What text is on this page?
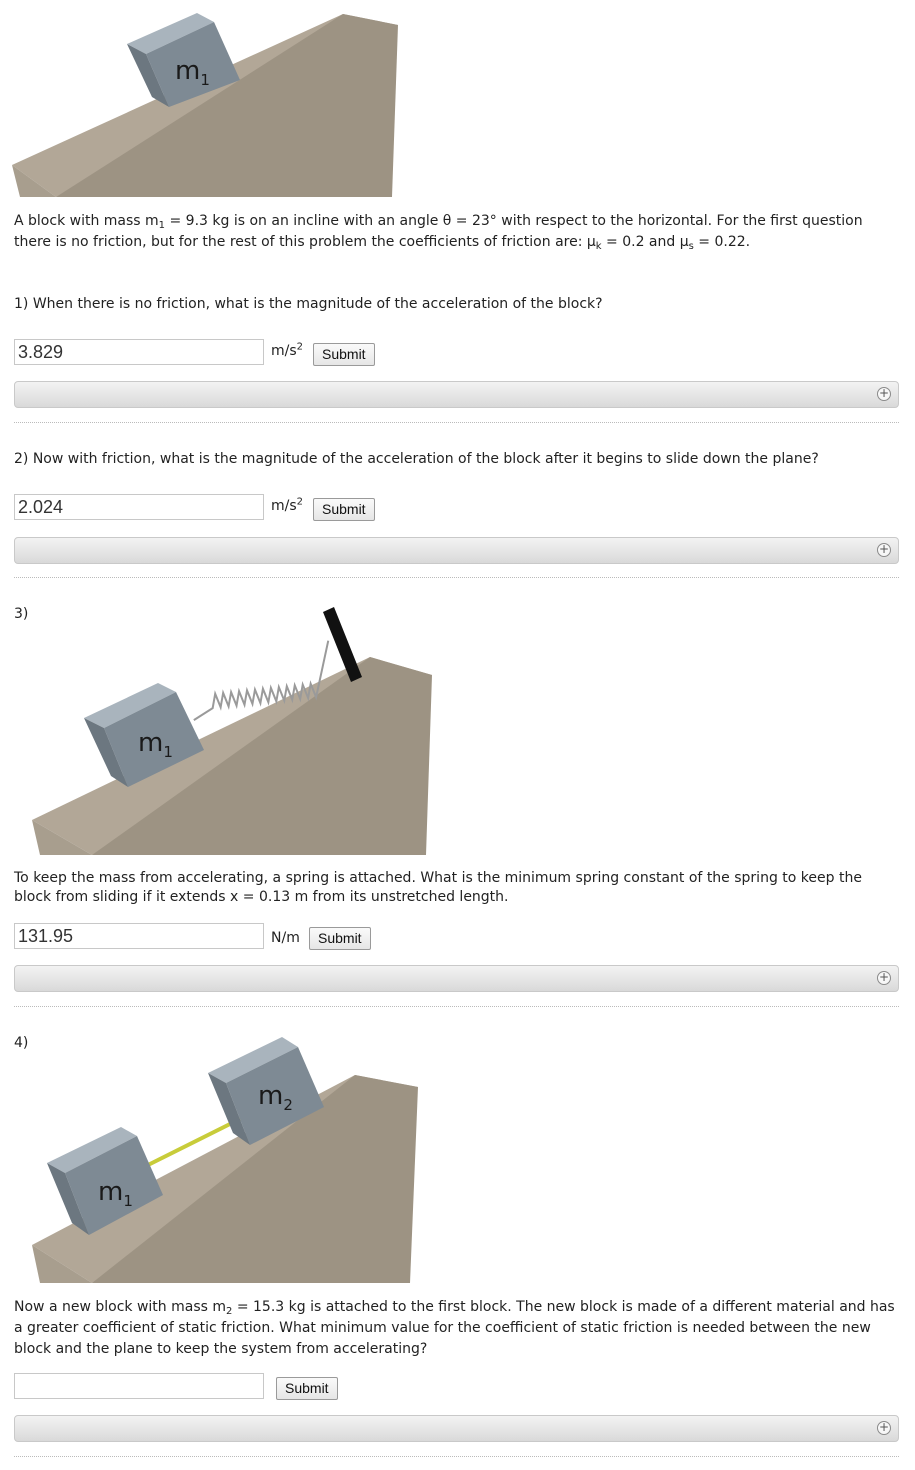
$m_1$
A block with mass $m_1 = 9.3$ kg is on an incline with an angle θ = 23° with respect to the horizontal. For the first question there is no friction, but for the rest of this problem the coefficients of friction are: $\mu_k = 0.2$ and $\mu_s = 0.22$.
1) When there is no friction, what is the magnitude of the acceleration of the block?
3.829
$m/s^2$	Submit
+
2) Now with friction, what is the magnitude of the acceleration of the block after it begins to slide down the plane?
2.024
$m/s^2$	Submit
+
3)
$m_1$
To keep the mass from accelerating, a spring is attached. What is the minimum spring constant of the spring to keep the block from sliding if it extends x = 0.13 m from its unstretched length.
131.95
N/m	Submit
+
4)
$m_2$
$m_1$
Now a new block with mass $m_2 = 15.3$ kg is attached to the first block. The new block is made of a different material and has a greater coefficient of static friction. What minimum value for the coefficient of static friction is needed between the new block and the plane to keep the system from accelerating?
Submit
+
